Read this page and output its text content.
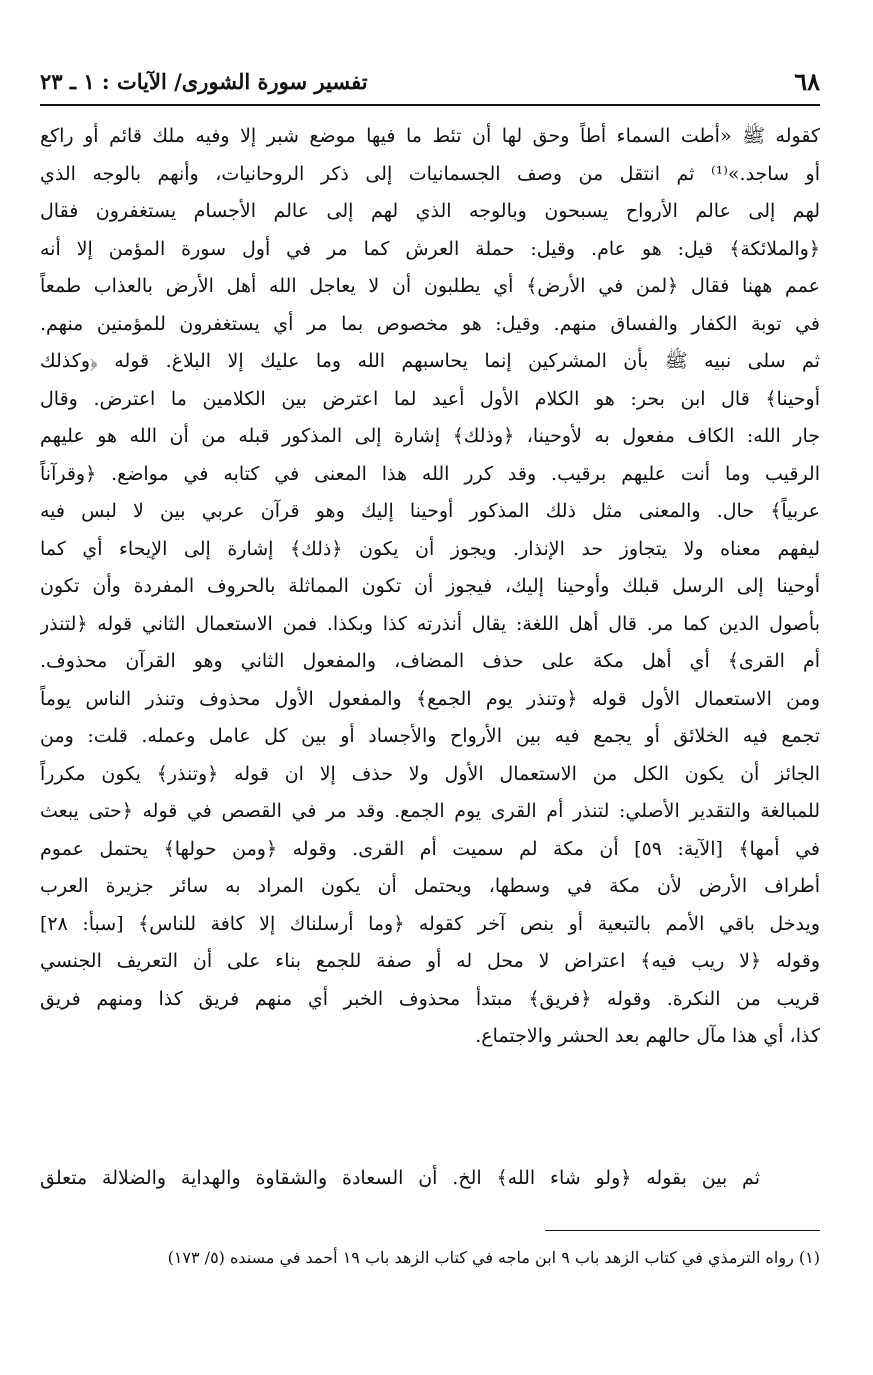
٦٨
تفسير سورة الشورى/ الآيات : ١ ـ ٢٣
كقوله ﷺ «أطت السماء أطاً وحق لها أن تئط ما فيها موضع شبر إلا وفيه ملك قائم أو راكع
أو ساجد.»⁽¹⁾ ثم انتقل من وصف الجسمانيات إلى ذكر الروحانيات، وأنهم بالوجه الذي
لهم إلى عالم الأرواح يسبحون وبالوجه الذي لهم إلى عالم الأجسام يستغفرون فقال
﴿والملائكة﴾ قيل: هو عام. وقيل: حملة العرش كما مر في أول سورة المؤمن إلا أنه
عمم ههنا فقال ﴿لمن في الأرض﴾ أي يطلبون أن لا يعاجل الله أهل الأرض بالعذاب طمعاً
في توبة الكفار والفساق منهم. وقيل: هو مخصوص بما مر أي يستغفرون للمؤمنين منهم.
ثم سلى نبيه ﷺ بأن المشركين إنما يحاسبهم الله وما عليك إلا البلاغ. قوله ﴿وكذلك
أوحينا﴾ قال ابن بحر: هو الكلام الأول أعيد لما اعترض بين الكلامين ما اعترض. وقال
جار الله: الكاف مفعول به لأوحينا، ﴿وذلك﴾ إشارة إلى المذكور قبله من أن الله هو عليهم
الرقيب وما أنت عليهم برقيب. وقد كرر الله هذا المعنى في كتابه في مواضع. ﴿وقرآناً
عربياً﴾ حال. والمعنى مثل ذلك المذكور أوحينا إليك وهو قرآن عربي بين لا لبس فيه
ليفهم معناه ولا يتجاوز حد الإنذار. ويجوز أن يكون ﴿ذلك﴾ إشارة إلى الإيحاء أي كما
أوحينا إلى الرسل قبلك وأوحينا إليك، فيجوز أن تكون المماثلة بالحروف المفردة وأن تكون
بأصول الدين كما مر. قال أهل اللغة: يقال أنذرته كذا وبكذا. فمن الاستعمال الثاني قوله ﴿لتنذر
أم القرى﴾ أي أهل مكة على حذف المضاف، والمفعول الثاني وهو القرآن محذوف.
ومن الاستعمال الأول قوله ﴿وتنذر يوم الجمع﴾ والمفعول الأول محذوف وتنذر الناس يوماً
تجمع فيه الخلائق أو يجمع فيه بين الأرواح والأجساد أو بين كل عامل وعمله. قلت: ومن
الجائز أن يكون الكل من الاستعمال الأول ولا حذف إلا ان قوله ﴿وتنذر﴾ يكون مكرراً
للمبالغة والتقدير الأصلي: لتنذر أم القرى يوم الجمع. وقد مر في القصص في قوله ﴿حتى يبعث
في أمها﴾ [الآية: ٥٩] أن مكة لم سميت أم القرى. وقوله ﴿ومن حولها﴾ يحتمل عموم
أطراف الأرض لأن مكة في وسطها، ويحتمل أن يكون المراد به سائر جزيرة العرب
ويدخل باقي الأمم بالتبعية أو بنص آخر كقوله ﴿وما أرسلناك إلا كافة للناس﴾ [سبأ: ٢٨]
وقوله ﴿لا ريب فيه﴾ اعتراض لا محل له أو صفة للجمع بناء على أن التعريف الجنسي
قريب من النكرة. وقوله ﴿فريق﴾ مبتدأ محذوف الخبر أي منهم فريق كذا ومنهم فريق
كذا، أي هذا مآل حالهم بعد الحشر والاجتماع.
ثم بين بقوله ﴿ولو شاء الله﴾ الخ. أن السعادة والشقاوة والهداية والضلالة متعلق
(١) رواه الترمذي في كتاب الزهد باب ٩ ابن ماجه في كتاب الزهد باب ١٩ أحمد في مسنده (٥/ ١٧٣)
